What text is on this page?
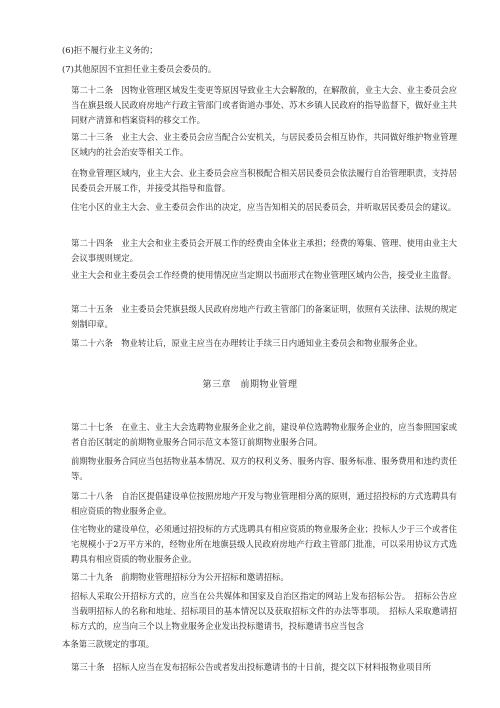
(6)拒不履行业主义务的；
(7)其他原因不宜担任业主委员会委员的。
第二十二条　因物业管理区域发生变更等原因导致业主大会解散的，在解散前，业主大会、业主委员会应当在旗县级人民政府房地产行政主管部门或者街道办事处、苏木乡镇人民政府的指导监督下，做好业主共同财产清算和档案资料的移交工作。
第二十三条　业主大会、业主委员会应当配合公安机关，与居民委员会相互协作，共同做好维护物业管理区域内的社会治安等相关工作。
在物业管理区域内，业主大会、业主委员会应当积极配合相关居民委员会依法履行自治管理职责，支持居民委员会开展工作，并接受其指导和监督。
住宅小区的业主大会、业主委员会作出的决定，应当告知相关的居民委员会，并听取居民委员会的建议。
第二十四条　业主大会和业主委员会开展工作的经费由全体业主承担；经费的筹集、管理、使用由业主大会议事规则规定。
业主大会和业主委员会工作经费的使用情况应当定期以书面形式在物业管理区域内公告，接受业主监督。
第二十五条　业主委员会凭旗县级人民政府房地产行政主管部门的备案证明，依照有关法律、法规的规定刻制印章。
第二十六条　物业转让后，原业主应当在办理转让手续三日内通知业主委员会和物业服务企业。
第三章　前期物业管理
第二十七条　在业主、业主大会选聘物业服务企业之前，建设单位选聘物业服务企业的，应当参照国家或者自治区制定的前期物业服务合同示范文本签订前期物业服务合同。
前期物业服务合同应当包括物业基本情况、双方的权利义务、服务内容、服务标准、服务费用和违约责任等。
第二十八条　自治区提倡建设单位按照房地产开发与物业管理相分离的原则，通过招投标的方式选聘具有相应资质的物业服务企业。
住宅物业的建设单位，必须通过招投标的方式选聘具有相应资质的物业服务企业；投标人少于三个或者住宅规模小于2万平方米的，经物业所在地旗县级人民政府房地产行政主管部门批准，可以采用协议方式选聘具有相应资质的物业服务企业。
第二十九条　前期物业管理招标分为公开招标和邀请招标。
招标人采取公开招标方式的，应当在公共媒体和国家及自治区指定的网站上发布招标公告。　招标公告应当载明招标人的名称和地址、招标项目的基本情况以及获取招标文件的办法等事项。　招标人采取邀请招标方式的，应当向三个以上物业服务企业发出投标邀请书，投标邀请书应当包含
本条第三款规定的事项。
第三十条　招标人应当在发布招标公告或者发出投标邀请书的十日前，提交以下材料报物业项目所
